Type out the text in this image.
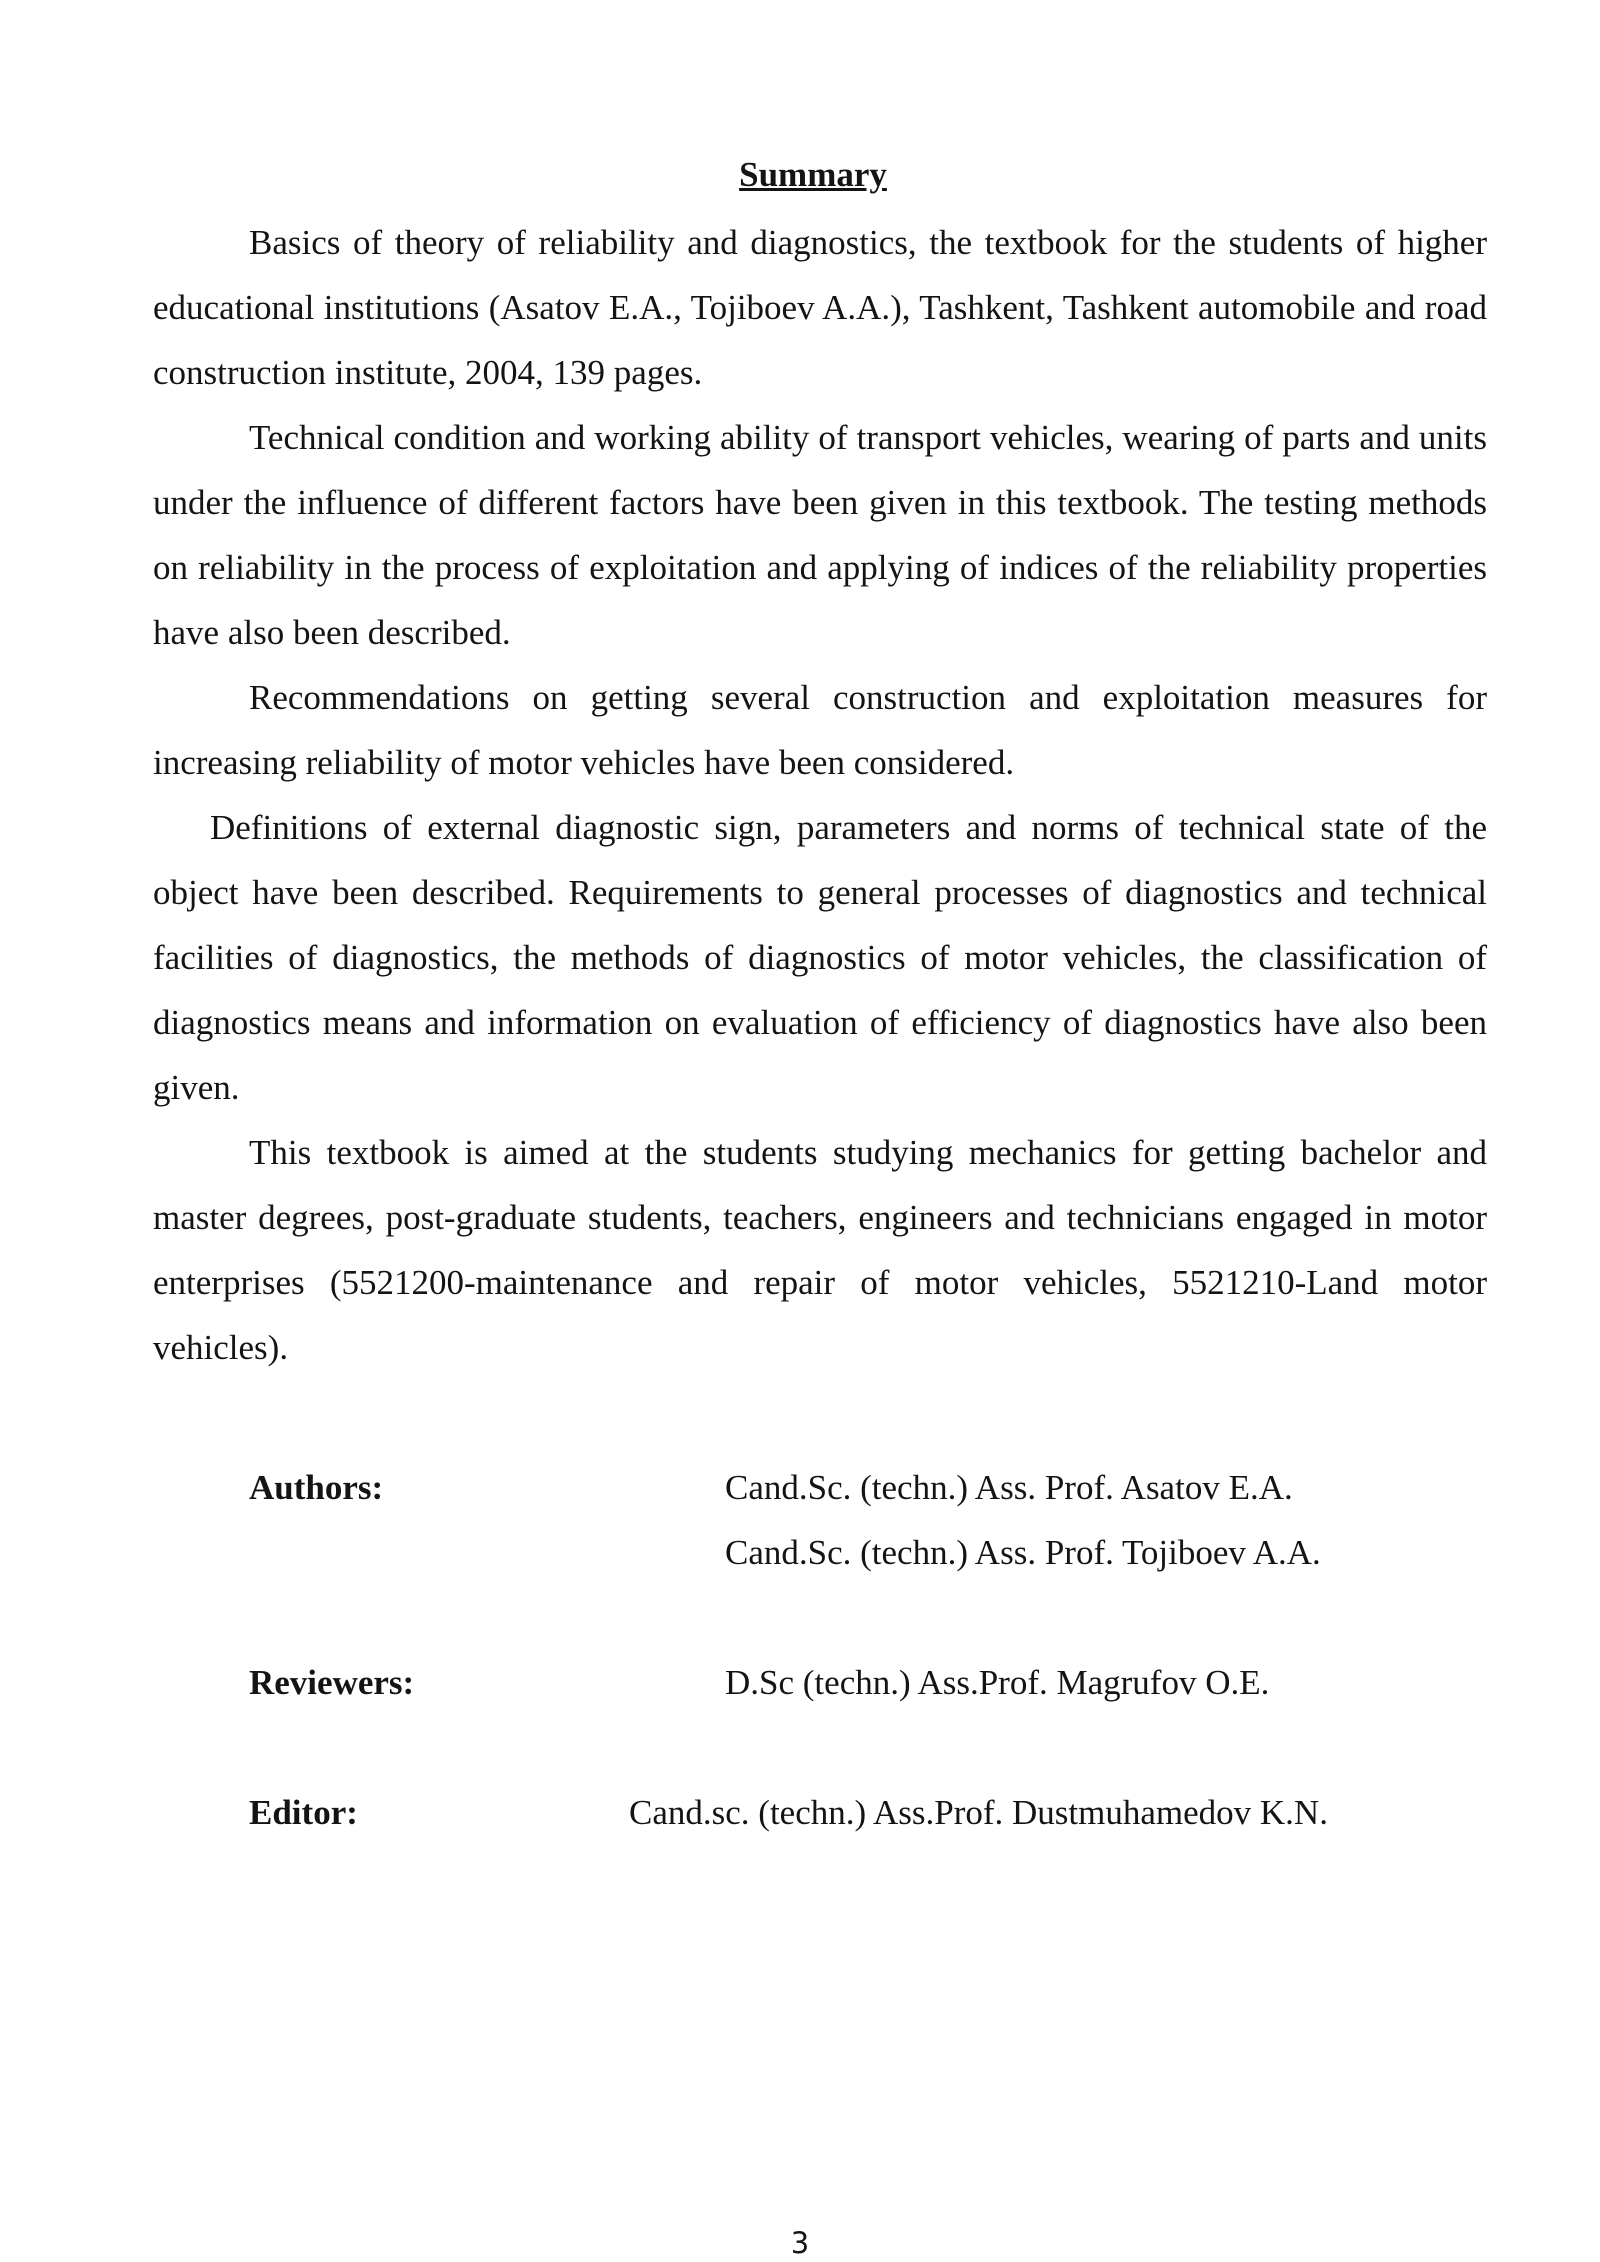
Summary

Basics of theory of reliability and diagnostics, the textbook for the students of higher educational institutions (Asatov E.A., Tojiboev A.A.), Tashkent, Tashkent automobile and road construction institute, 2004, 139 pages.

Technical condition and working ability of transport vehicles, wearing of parts and units under the influence of different factors have been given in this textbook. The testing methods on reliability in the process of exploitation and applying of indices of the reliability properties have also been described.

Recommendations on getting several construction and exploitation measures for increasing reliability of motor vehicles have been considered.

Definitions of external diagnostic sign, parameters and norms of technical state of the object have been described. Requirements to general processes of diagnostics and technical facilities of diagnostics, the methods of diagnostics of motor vehicles, the classification of diagnostics means and information on evaluation of efficiency of diagnostics have also been given.

This textbook is aimed at the students studying mechanics for getting bachelor and master degrees, post-graduate students, teachers, engineers and technicians engaged in motor enterprises (5521200-maintenance and repair of motor vehicles, 5521210-Land motor vehicles).

Authors:	Cand.Sc. (techn.) Ass. Prof. Asatov E.A.
Cand.Sc. (techn.) Ass. Prof. Tojiboev A.A.
Reviewers:	D.Sc (techn.) Ass.Prof. Magrufov O.E.
Editor:	Cand.sc. (techn.) Ass.Prof. Dustmuhamedov K.N.
3
